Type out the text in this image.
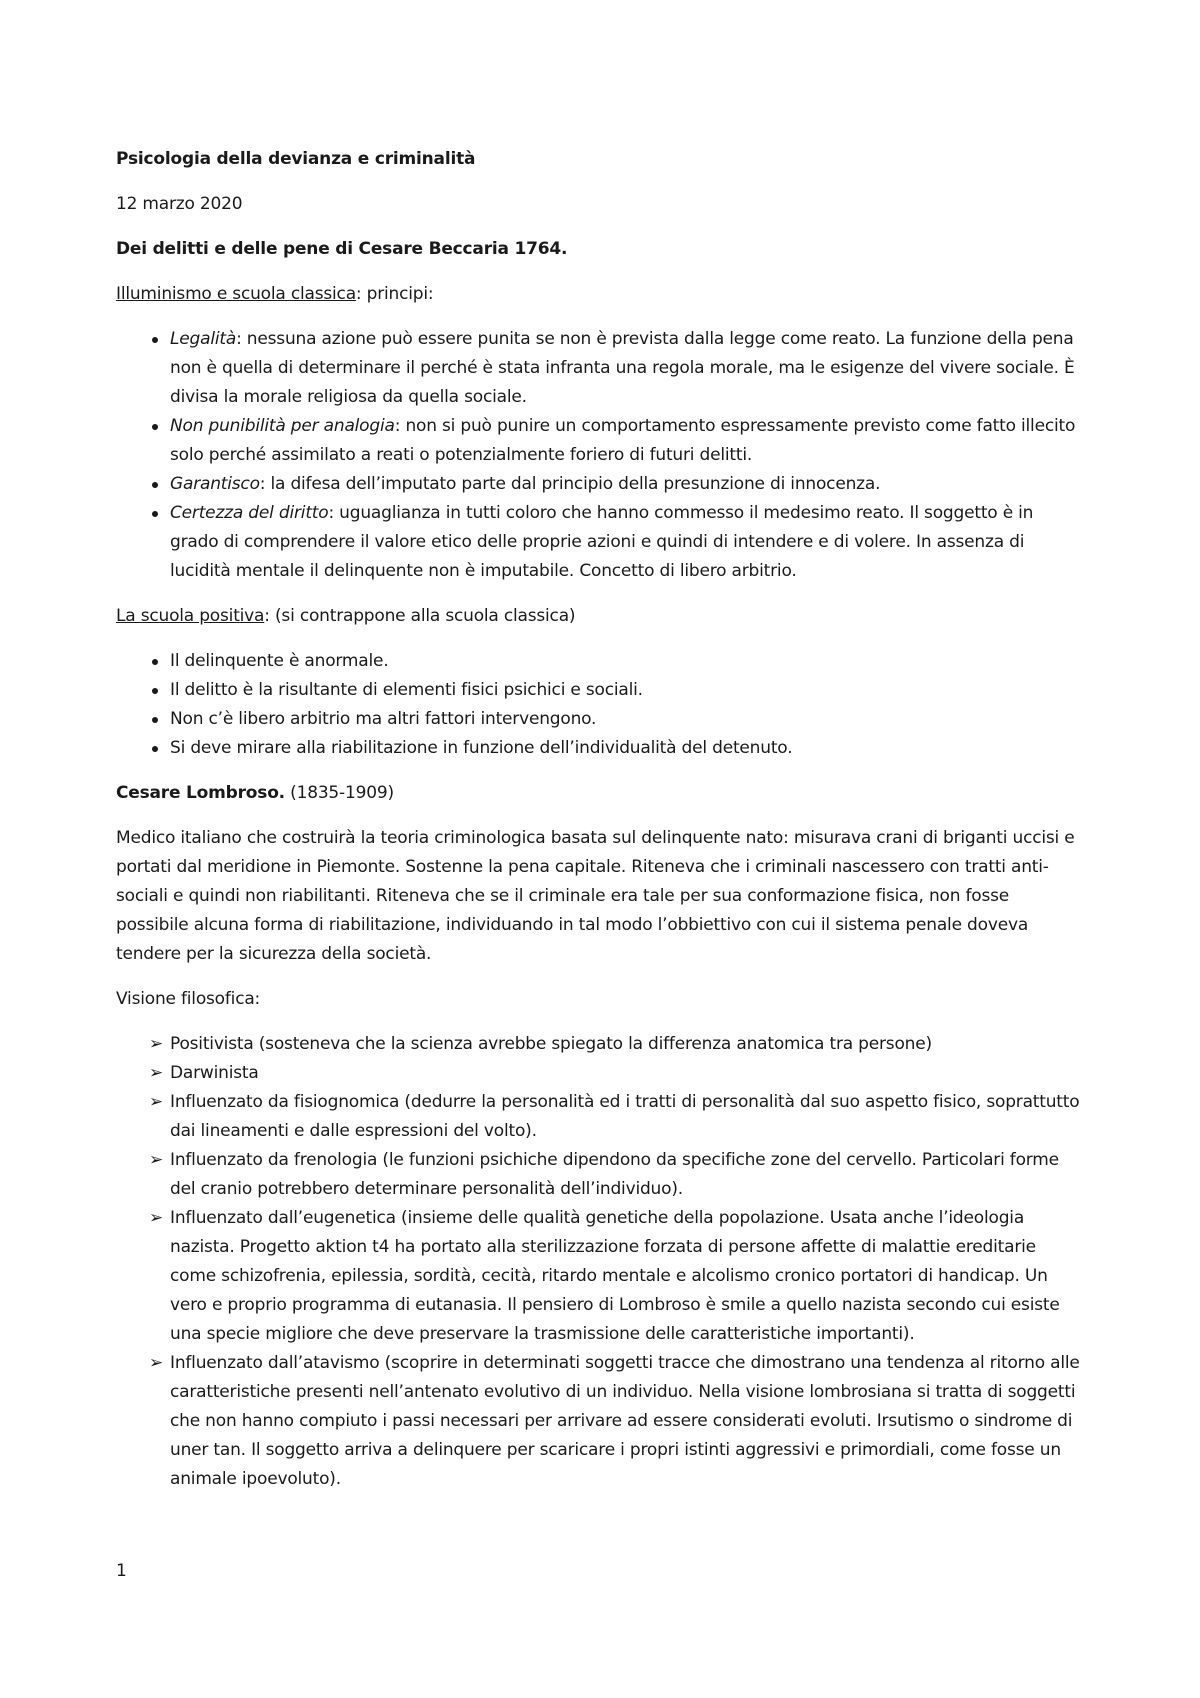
Psicologia della devianza e criminalità

12 marzo 2020

Dei delitti e delle pene di Cesare Beccaria 1764.

Illuminismo e scuola classica: principi:

Legalità: nessuna azione può essere punita se non è prevista dalla legge come reato. La funzione della pena non è quella di determinare il perché è stata infranta una regola morale, ma le esigenze del vivere sociale. È divisa la morale religiosa da quella sociale.
Non punibilità per analogia: non si può punire un comportamento espressamente previsto come fatto illecito solo perché assimilato a reati o potenzialmente foriero di futuri delitti.
Garantisco: la difesa dell’imputato parte dal principio della presunzione di innocenza.
Certezza del diritto: uguaglianza in tutti coloro che hanno commesso il medesimo reato. Il soggetto è in grado di comprendere il valore etico delle proprie azioni e quindi di intendere e di volere. In assenza di lucidità mentale il delinquente non è imputabile. Concetto di libero arbitrio.

La scuola positiva: (si contrappone alla scuola classica)

Il delinquente è anormale.
Il delitto è la risultante di elementi fisici psichici e sociali.
Non c’è libero arbitrio ma altri fattori intervengono.
Si deve mirare alla riabilitazione in funzione dell’individualità del detenuto.

Cesare Lombroso. (1835-1909)

Medico italiano che costruirà la teoria criminologica basata sul delinquente nato: misurava crani di briganti uccisi e portati dal meridione in Piemonte. Sostenne la pena capitale. Riteneva che i criminali nascessero con tratti anti-sociali e quindi non riabilitanti. Riteneva che se il criminale era tale per sua conformazione fisica, non fosse possibile alcuna forma di riabilitazione, individuando in tal modo l’obbiettivo con cui il sistema penale doveva tendere per la sicurezza della società.

Visione filosofica:

➢ Positivista (sosteneva che la scienza avrebbe spiegato la differenza anatomica tra persone)
➢ Darwinista
➢ Influenzato da fisiognomica (dedurre la personalità ed i tratti di personalità dal suo aspetto fisico, soprattutto dai lineamenti e dalle espressioni del volto).
➢ Influenzato da frenologia (le funzioni psichiche dipendono da specifiche zone del cervello. Particolari forme del cranio potrebbero determinare personalità dell’individuo).
➢ Influenzato dall’eugenetica (insieme delle qualità genetiche della popolazione. Usata anche l’ideologia nazista. Progetto aktion t4 ha portato alla sterilizzazione forzata di persone affette di malattie ereditarie come schizofrenia, epilessia, sordità, cecità, ritardo mentale e alcolismo cronico portatori di handicap. Un vero e proprio programma di eutanasia. Il pensiero di Lombroso è smile a quello nazista secondo cui esiste una specie migliore che deve preservare la trasmissione delle caratteristiche importanti).
➢ Influenzato dall’atavismo (scoprire in determinati soggetti tracce che dimostrano una tendenza al ritorno alle caratteristiche presenti nell’antenato evolutivo di un individuo. Nella visione lombrosiana si tratta di soggetti che non hanno compiuto i passi necessari per arrivare ad essere considerati evoluti. Irsutismo o sindrome di uner tan. Il soggetto arriva a delinquere per scaricare i propri istinti aggressivi e primordiali, come fosse un animale ipoevoluto).
1
